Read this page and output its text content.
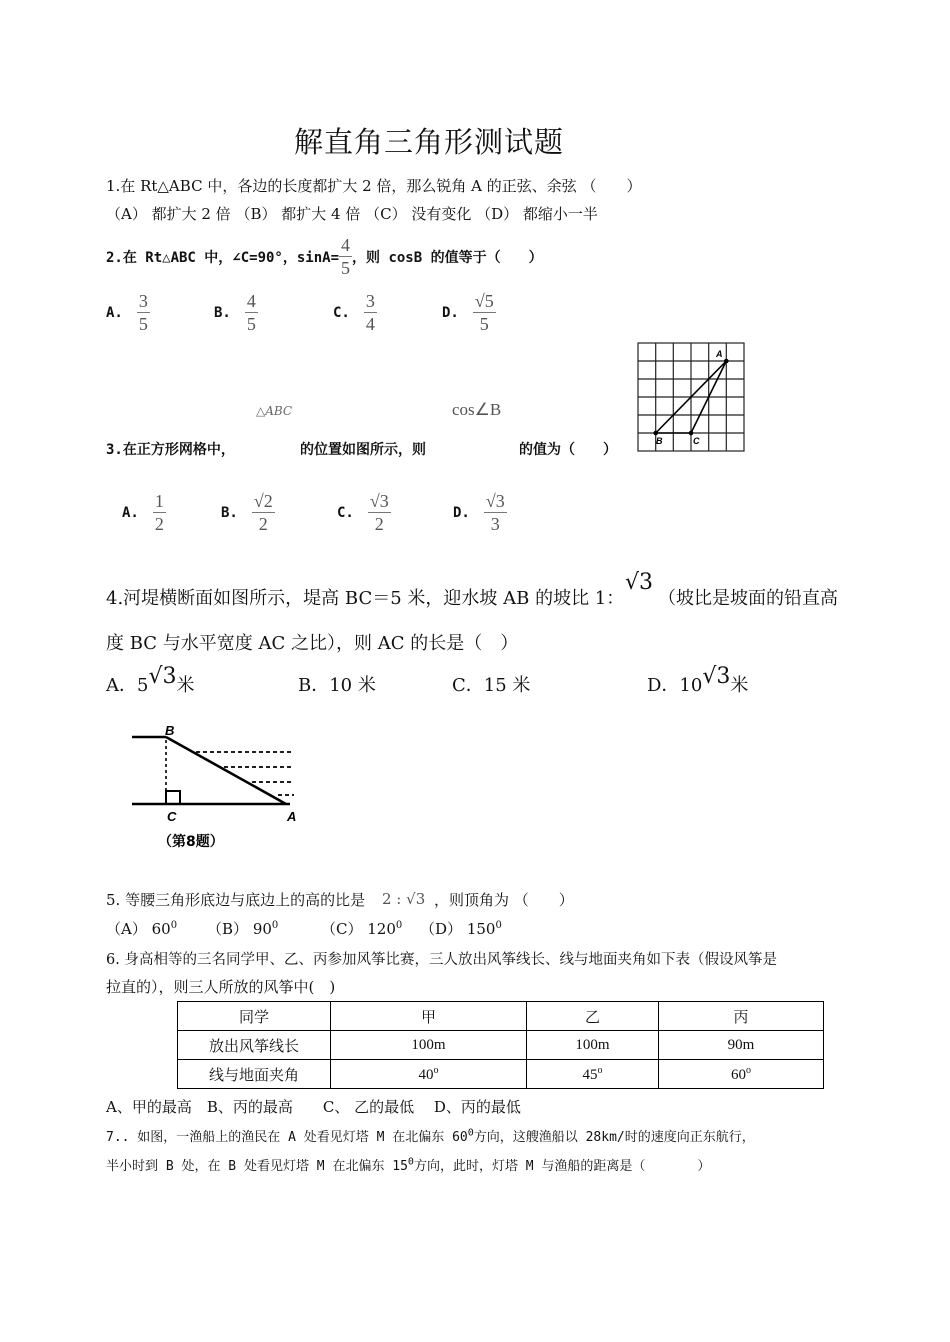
解直角三角形测试题
1.在 Rt△ABC 中，各边的长度都扩大 2 倍，那么锐角 A 的正弦、余弦 （　　）
（A） 都扩大 2 倍 （B） 都扩大 4 倍 （C） 没有变化 （D） 都缩小一半
2.在 Rt△ABC 中，∠C=90°，$\sin A= \frac{4}{5}$ ，则 cosB 的值等于（　　）
A. $\frac{3}{5}$	B. $\frac{4}{5}$	C. $\frac{3}{4}$	D. $\frac{√5}{5}$
△ABC	cos∠B
A
B	C
3.在正方形网格中，	的位置如图所示，则	的值为（　　）
A. $\frac{1}{2}$	B. $\frac{√2}{2}$	C. $\frac{√3}{2}$	D. $\frac{√3}{3}$
4.河堤横断面如图所示，堤高 BC＝5 米，迎水坡 AB 的坡比 1：
√3
（坡比是坡面的铅直高
度 BC 与水平宽度 AC 之比），则 AC 的长是（　）
A．5 √3 米	B．10 米	C．15 米	D．10 √3 米
B
C	A
（第8题）
5. 等腰三角形底边与底边上的高的比是 2 : √3 ，则顶角为 （　　）
（A） $60^0$ （B） $90^0$	（C） $120^0$ （D） $150^0$
6. 身高相等的三名同学甲、乙、丙参加风筝比赛，三人放出风筝线长、线与地面夹角如下表（假设风筝是
拉直的），则三人所放的风筝中(　)
同学	甲	乙	丙
放出风筝线长	100m	100m	90m
线与地面夹角	40$^o$	45$^o$	60$^o$
A、甲的最高　B、丙的最高　　C、 乙的最低　 D、丙的最低
7.. 如图，一渔船上的渔民在 A 处看见灯塔 M 在北偏东 $60^0$方向，这艘渔船以 28km/时的速度向正东航行，
半小时到 B 处，在 B 处看见灯塔 M 在北偏东 $15^0$方向，此时，灯塔 M 与渔船的距离是（　　　　）
